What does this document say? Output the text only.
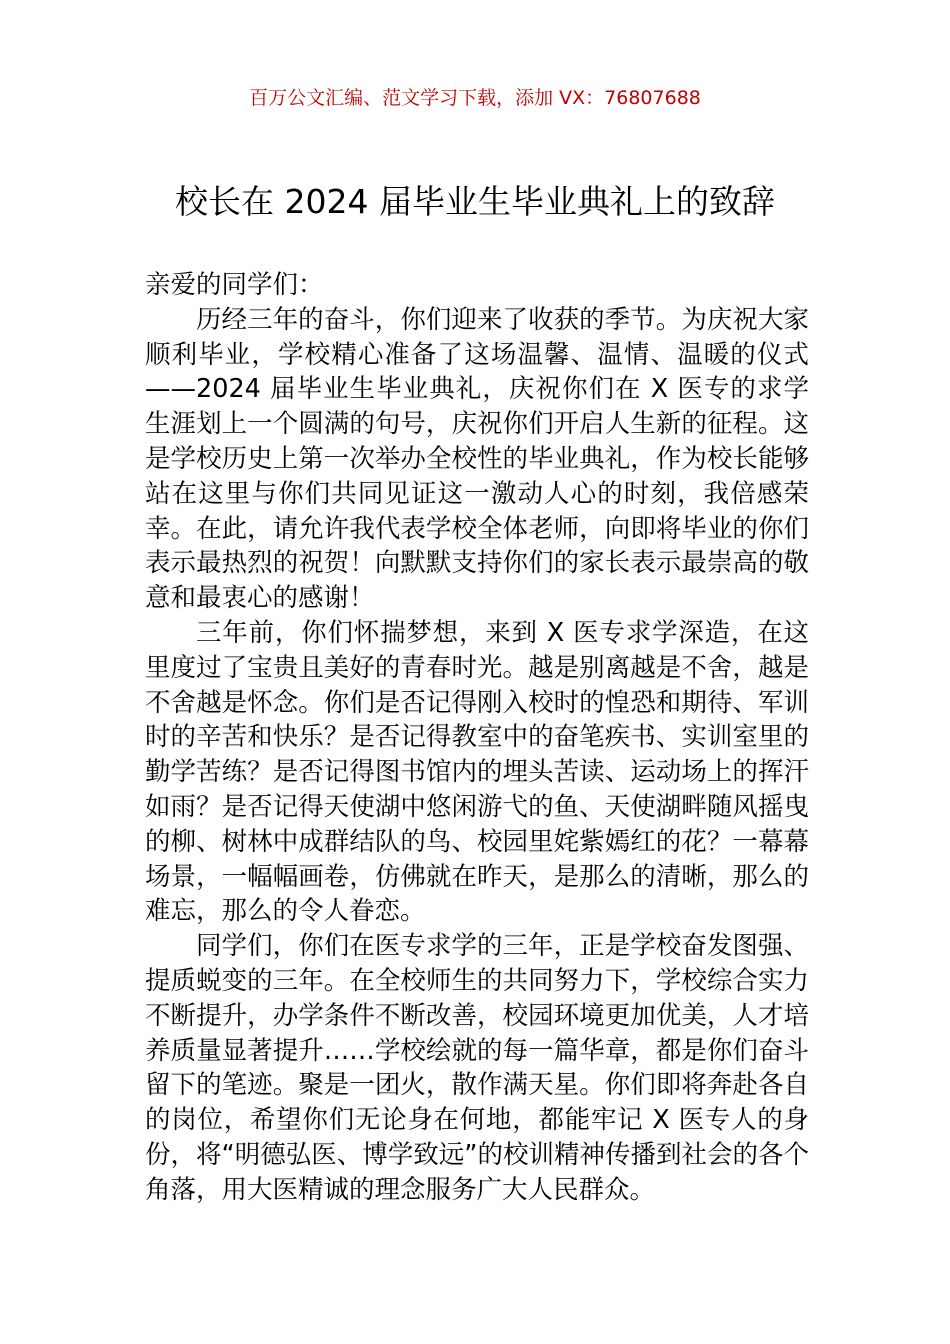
百万公文汇编、范文学习下载，添加 VX：76807688
校长在 2024 届毕业生毕业典礼上的致辞

亲爱的同学们：

历经三年的奋斗，你们迎来了收获的季节。为庆祝大家顺利毕业，学校精心准备了这场温馨、温情、温暖的仪式——2024 届毕业生毕业典礼，庆祝你们在 X 医专的求学生涯划上一个圆满的句号，庆祝你们开启人生新的征程。这是学校历史上第一次举办全校性的毕业典礼，作为校长能够站在这里与你们共同见证这一激动人心的时刻，我倍感荣幸。在此，请允许我代表学校全体老师，向即将毕业的你们表示最热烈的祝贺！向默默支持你们的家长表示最崇高的敬意和最衷心的感谢！

三年前，你们怀揣梦想，来到 X 医专求学深造，在这里度过了宝贵且美好的青春时光。越是别离越是不舍，越是不舍越是怀念。你们是否记得刚入校时的惶恐和期待、军训时的辛苦和快乐？是否记得教室中的奋笔疾书、实训室里的勤学苦练？是否记得图书馆内的埋头苦读、运动场上的挥汗如雨？是否记得天使湖中悠闲游弋的鱼、天使湖畔随风摇曳的柳、树林中成群结队的鸟、校园里姹紫嫣红的花？一幕幕场景，一幅幅画卷，仿佛就在昨天，是那么的清晰，那么的难忘，那么的令人眷恋。

同学们，你们在医专求学的三年，正是学校奋发图强、提质蜕变的三年。在全校师生的共同努力下，学校综合实力不断提升，办学条件不断改善，校园环境更加优美，人才培养质量显著提升……学校绘就的每一篇华章，都是你们奋斗留下的笔迹。聚是一团火，散作满天星。你们即将奔赴各自的岗位，希望你们无论身在何地，都能牢记 X 医专人的身份，将“明德弘医、博学致远”的校训精神传播到社会的各个角落，用大医精诚的理念服务广大人民群众。
